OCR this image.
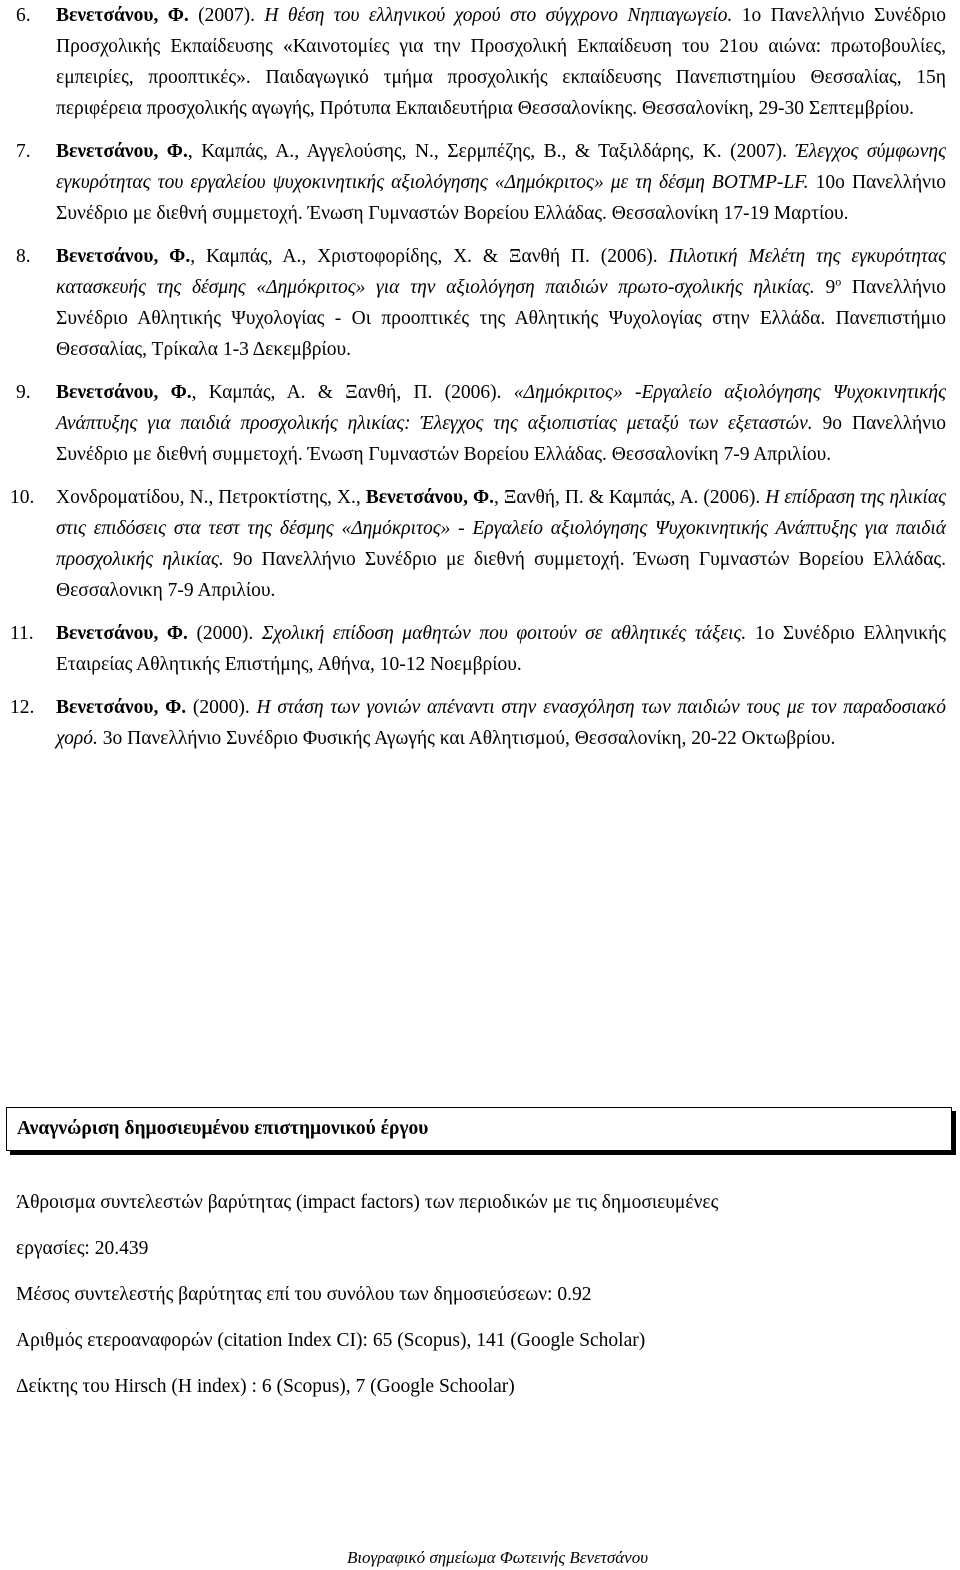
6. Βενετσάνου, Φ. (2007). Η θέση του ελληνικού χορού στο σύγχρονο Νηπιαγωγείο. 1ο Πανελλήνιο Συνέδριο Προσχολικής Εκπαίδευσης «Καινοτομίες για την Προσχολική Εκπαίδευση του 21ου αιώνα: πρωτοβουλίες, εμπειρίες, προοπτικές». Παιδαγωγικό τμήμα προσχολικής εκπαίδευσης Πανεπιστημίου Θεσσαλίας, 15η περιφέρεια προσχολικής αγωγής, Πρότυπα Εκπαιδευτήρια Θεσσαλονίκης. Θεσσαλονίκη, 29-30 Σεπτεμβρίου.
7. Βενετσάνου, Φ., Καμπάς, Α., Αγγελούσης, Ν., Σερμπέζης, Β., & Ταξιλδάρης, Κ. (2007). Έλεγχος σύμφωνης εγκυρότητας του εργαλείου ψυχοκινητικής αξιολόγησης «Δημόκριτος» με τη δέσμη BOTMP-LF. 10ο Πανελλήνιο Συνέδριο με διεθνή συμμετοχή. Ένωση Γυμναστών Βορείου Ελλάδας. Θεσσαλονίκη 17-19 Μαρτίου.
8. Βενετσάνου, Φ., Καμπάς, Α., Χριστοφορίδης, Χ. & Ξανθή Π. (2006). Πιλοτική Μελέτη της εγκυρότητας κατασκευής της δέσμης «Δημόκριτος» για την αξιολόγηση παιδιών πρωτο-σχολικής ηλικίας. $9^o$ Πανελλήνιο Συνέδριο Αθλητικής Ψυχολογίας - Οι προοπτικές της Αθλητικής Ψυχολογίας στην Ελλάδα. Πανεπιστήμιο Θεσσαλίας, Τρίκαλα 1-3 Δεκεμβρίου.
9. Βενετσάνου, Φ., Καμπάς, Α. & Ξανθή, Π. (2006). «Δημόκριτος» -Εργαλείο αξιολόγησης Ψυχοκινητικής Ανάπτυξης για παιδιά προσχολικής ηλικίας: Έλεγχος της αξιοπιστίας μεταξύ των εξεταστών. 9ο Πανελλήνιο Συνέδριο με διεθνή συμμετοχή. Ένωση Γυμναστών Βορείου Ελλάδας. Θεσσαλονίκη 7-9 Απριλίου.
10. Χονδροματίδου, Ν., Πετροκτίστης, Χ., Βενετσάνου, Φ., Ξανθή, Π. & Καμπάς, Α. (2006). Η επίδραση της ηλικίας στις επιδόσεις στα τεστ της δέσμης «Δημόκριτος» - Εργαλείο αξιολόγησης Ψυχοκινητικής Ανάπτυξης για παιδιά προσχολικής ηλικίας. 9ο Πανελλήνιο Συνέδριο με διεθνή συμμετοχή. Ένωση Γυμναστών Βορείου Ελλάδας. Θεσσαλονικη 7-9 Απριλίου.
11. Βενετσάνου, Φ. (2000). Σχολική επίδοση μαθητών που φοιτούν σε αθλητικές τάξεις. 1ο Συνέδριο Ελληνικής Εταιρείας Αθλητικής Επιστήμης, Αθήνα, 10-12 Νοεμβρίου.
12. Βενετσάνου, Φ. (2000). Η στάση των γονιών απέναντι στην ενασχόληση των παιδιών τους με τον παραδοσιακό χορό. 3ο Πανελλήνιο Συνέδριο Φυσικής Αγωγής και Αθλητισμού, Θεσσαλονίκη, 20-22 Οκτωβρίου.
Αναγνώριση δημοσιευμένου επιστημονικού έργου
Άθροισμα συντελεστών βαρύτητας (impact factors) των περιοδικών με τις δημοσιευμένες
εργασίες: 20.439
Μέσος συντελεστής βαρύτητας επί του συνόλου των δημοσιεύσεων: 0.92
Αριθμός ετεροαναφορών (citation Index CI): 65 (Scopus), 141 (Google Scholar)
Δείκτης του Hirsch (H index) : 6 (Scopus), 7 (Google Schoolar)
Βιογραφικό σημείωμα Φωτεινής Βενετσάνου
